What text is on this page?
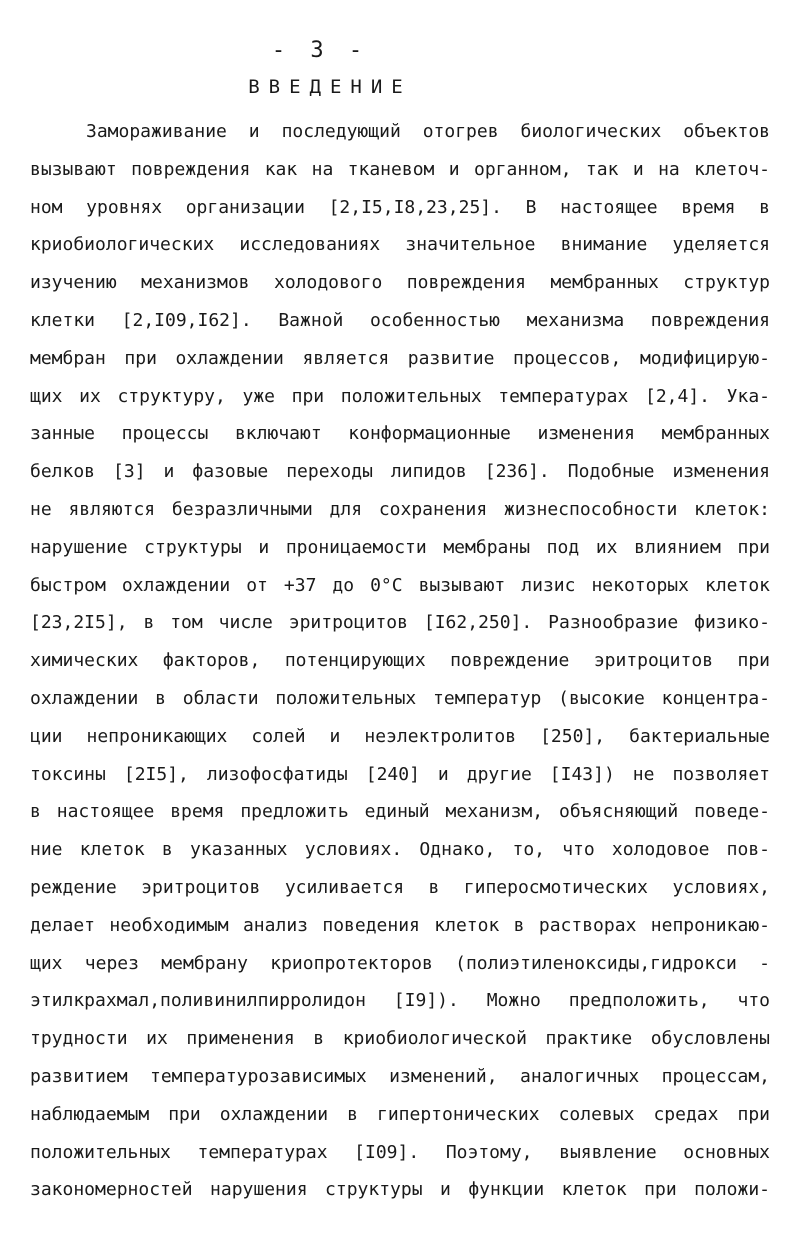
- 3 -
ВВЕДЕНИЕ
Замораживание и последующий отогрев биологических объектов
вызывают повреждения как на тканевом и органном, так и на клеточ-
ном уровнях организации [2,I5,I8,23,25]. В настоящее время в
криобиологических исследованиях значительное внимание уделяется
изучению механизмов холодового повреждения мембранных структур
клетки [2,I09,I62]. Важной особенностью механизма повреждения
мембран при охлаждении является развитие процессов, модифицирую-
щих их структуру, уже при положительных температурах [2,4]. Ука-
занные процессы включают конформационные изменения мембранных
белков [3] и фазовые переходы липидов [236]. Подобные изменения
не являются безразличными для сохранения жизнеспособности клеток:
нарушение структуры и проницаемости мембраны под их влиянием при
быстром охлаждении от +37 до 0°С вызывают лизис некоторых клеток
[23,2I5], в том числе эритроцитов [I62,250]. Разнообразие физико-
химических факторов, потенцирующих повреждение эритроцитов при
охлаждении в области положительных температур (высокие концентра-
ции непроникающих солей и неэлектролитов [250], бактериальные
токсины [2I5], лизофосфатиды [240] и другие [I43]) не позволяет
в настоящее время предложить единый механизм, объясняющий поведе-
ние клеток в указанных условиях. Однако, то, что холодовое пов-
реждение эритроцитов усиливается в гиперосмотических условиях,
делает необходимым анализ поведения клеток в растворах непроникаю-
щих через мембрану криопротекторов (полиэтиленоксиды,гидрокси -
этилкрахмал,поливинилпирролидон [I9]). Можно предположить, что
трудности их применения в криобиологической практике обусловлены
развитием температурозависимых изменений, аналогичных процессам,
наблюдаемым при охлаждении в гипертонических солевых средах при
положительных температурах [I09]. Поэтому, выявление основных
закономерностей нарушения структуры и функции клеток при положи-
